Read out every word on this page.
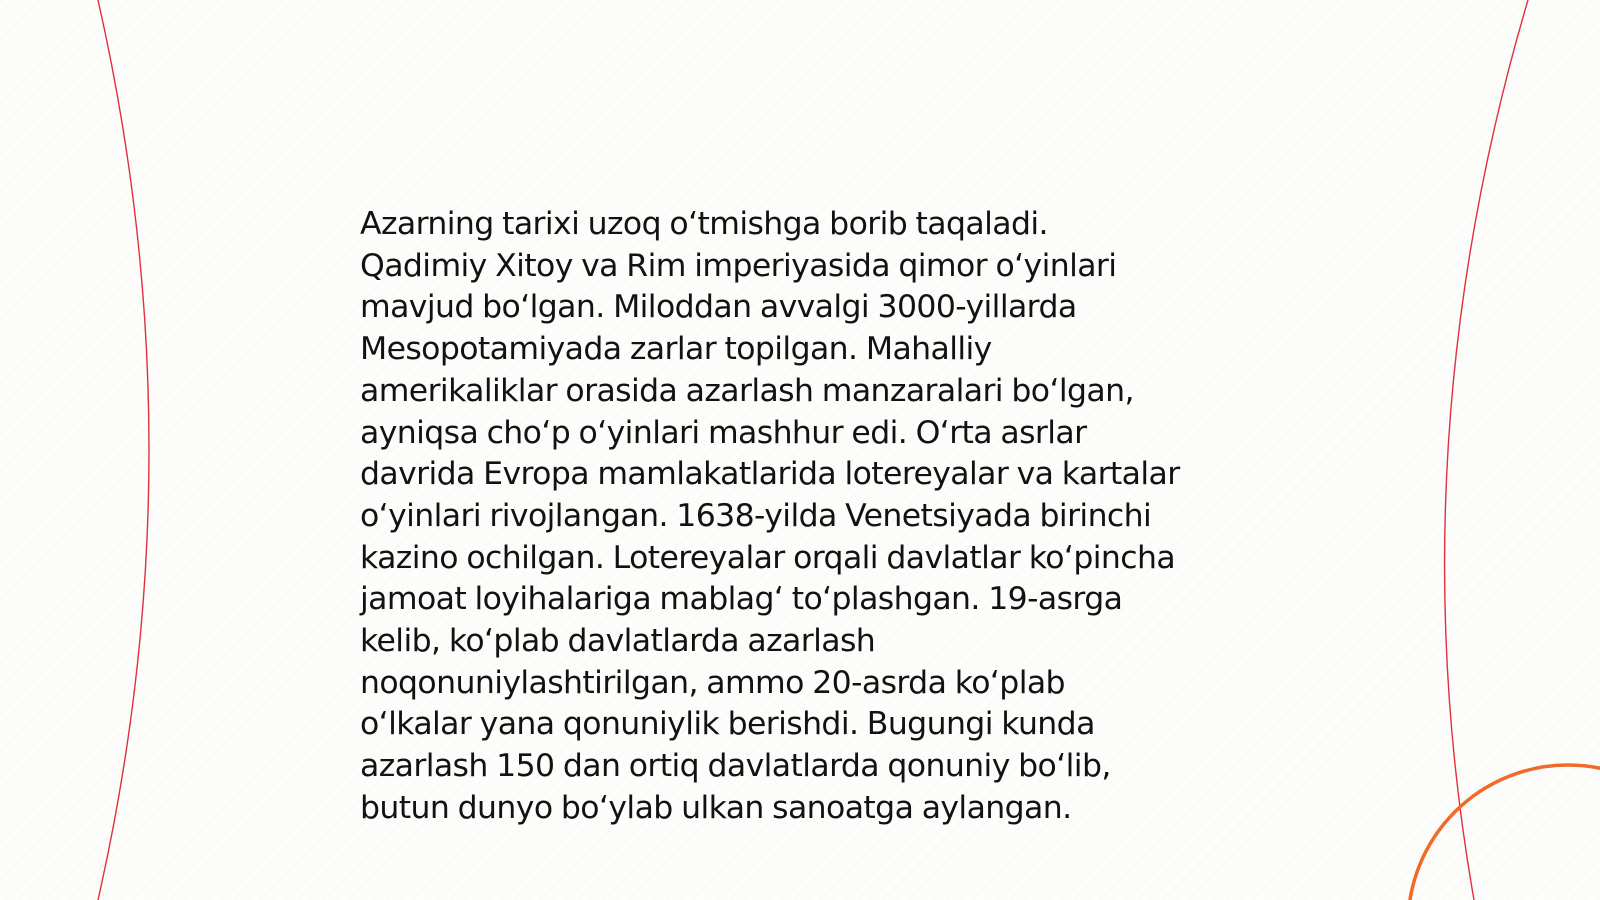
Azarning tarixi uzoq o‘tmishga borib taqaladi.
Qadimiy Xitoy va Rim imperiyasida qimor o‘yinlari
mavjud bo‘lgan. Miloddan avvalgi 3000-yillarda
Mesopotamiyada zarlar topilgan. Mahalliy
amerikaliklar orasida azarlash manzaralari bo‘lgan,
ayniqsa cho‘p o‘yinlari mashhur edi. O‘rta asrlar
davrida Evropa mamlakatlarida lotereyalar va kartalar
o‘yinlari rivojlangan. 1638-yilda Venetsiyada birinchi
kazino ochilgan. Lotereyalar orqali davlatlar ko‘pincha
jamoat loyihalariga mablag‘ to‘plashgan. 19-asrga
kelib, ko‘plab davlatlarda azarlash
noqonuniylashtirilgan, ammo 20-asrda ko‘plab
o‘lkalar yana qonuniylik berishdi. Bugungi kunda
azarlash 150 dan ortiq davlatlarda qonuniy bo‘lib,
butun dunyo bo‘ylab ulkan sanoatga aylangan.
